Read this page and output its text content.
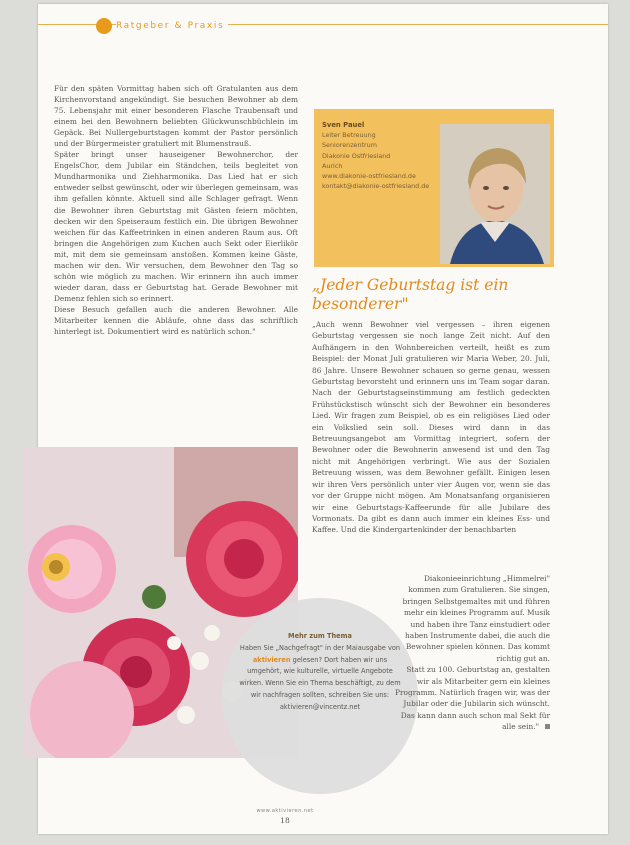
Ratgeber & Praxis

Für den späten Vormittag haben sich oft Gratulanten aus dem Kirchenvorstand angekündigt. Sie besuchen Bewohner ab dem 75. Lebensjahr mit einer besonderen Flasche Traubensaft und einem bei den Bewohnern beliebten Glückwunschbüchlein im Gepäck. Bei Nullergeburtstagen kommt der Pastor persönlich und der Bürgermeister gratuliert mit Blumenstrauß.

Später bringt unser hauseigener Bewohnerchor, der EngelsChor, dem Jubilar ein Ständchen, teils begleitet von Mundharmonika und Ziehharmonika. Das Lied hat er sich entweder selbst gewünscht, oder wir überlegen gemeinsam, was ihm gefallen könnte. Aktuell sind alle Schlager gefragt. Wenn die Bewohner ihren Geburtstag mit Gästen feiern möchten, decken wir den Speiseraum festlich ein. Die übrigen Bewohner weichen für das Kaffeetrinken in einen anderen Raum aus. Oft bringen die Angehörigen zum Kuchen auch Sekt oder Eierlikör mit, mit dem sie gemeinsam anstoßen. Kommen keine Gäste, machen wir den. Wir versuchen, dem Bewohner den Tag so schön wie möglich zu machen. Wir erinnern ihn auch immer wieder daran, dass er Geburtstag hat. Gerade Bewohner mit Demenz fehlen sich so erinnert.

Diese Besuch gefallen auch die anderen Bewohner. Alle Mitarbeiter kennen die Abläufe, ohne dass das schriftlich hinterlegt ist. Dokumentiert wird es natürlich schon."

Sven Pauel
Leiter Betreuung
Seniorenzentrum
Diakonie Ostfriesland
Aurich
www.diakonie-ostfriesland.de
kontakt@diakonie-ostfriesland.de
„Jeder Geburtstag ist ein besonderer"

„Auch wenn Bewohner viel vergessen – ihren eigenen Geburtstag vergessen sie noch lange Zeit nicht. Auf den Aufhängern in den Wohnbereichen verteilt, heißt es zum Beispiel: der Monat Juli gratulieren wir Maria Weber, 20. Juli, 86 Jahre. Unsere Bewohner schauen so gerne genau, wessen Geburtstag bevorsteht und erinnern uns im Team sogar daran. Nach der Geburtstagseinstimmung am festlich gedeckten Frühstückstisch wünscht sich der Bewohner ein besonderes Lied. Wir fragen zum Beispiel, ob es ein religiöses Lied oder ein Volkslied sein soll. Dieses wird dann in das Betreuungsangebot am Vormittag integriert, sofern der Bewohner oder die Bewohnerin anwesend ist und den Tag nicht mit Angehörigen verbringt. Wie aus der Sozialen Betreuung wissen, was dem Bewohner gefällt. Einigen lesen wir ihren Vers persönlich unter vier Augen vor, wenn sie das vor der Gruppe nicht mögen. Am Monatsanfang organisieren wir eine Geburtstags-Kaffeerunde für alle Jubilare des Vormonats. Da gibt es dann auch immer ein kleines Ess- und Kaffee. Und die Kindergartenkinder der benachbarten

Mehr zum Thema
Haben Sie „Nachgefragt" in der Maiausgabe von aktivieren gelesen? Dort haben wir uns umgehört, wie kulturelle, virtuelle Angebote wirken. Wenn Sie ein Thema beschäftigt, zu dem wir nachfragen sollten, schreiben Sie uns: aktivieren@vincentz.net

Diakonieeinrichtung „Himmelrei" kommen zum Gratulieren. Sie singen, bringen Selbstgemaltes mit und führen mehr ein kleines Programm auf. Musik und haben ihre Tanz einstudiert oder haben Instrumente dabei, die auch die Bewohner spielen können. Das kommt richtig gut an.

Statt zu 100. Geburtstag an, gestalten wir als Mitarbeiter gern ein kleines Programm. Natürlich fragen wir, was der Jubilar oder die Jubilarin sich wünscht. Das kann dann auch schon mal Sekt für alle sein."

www.aktivieren.net
18
